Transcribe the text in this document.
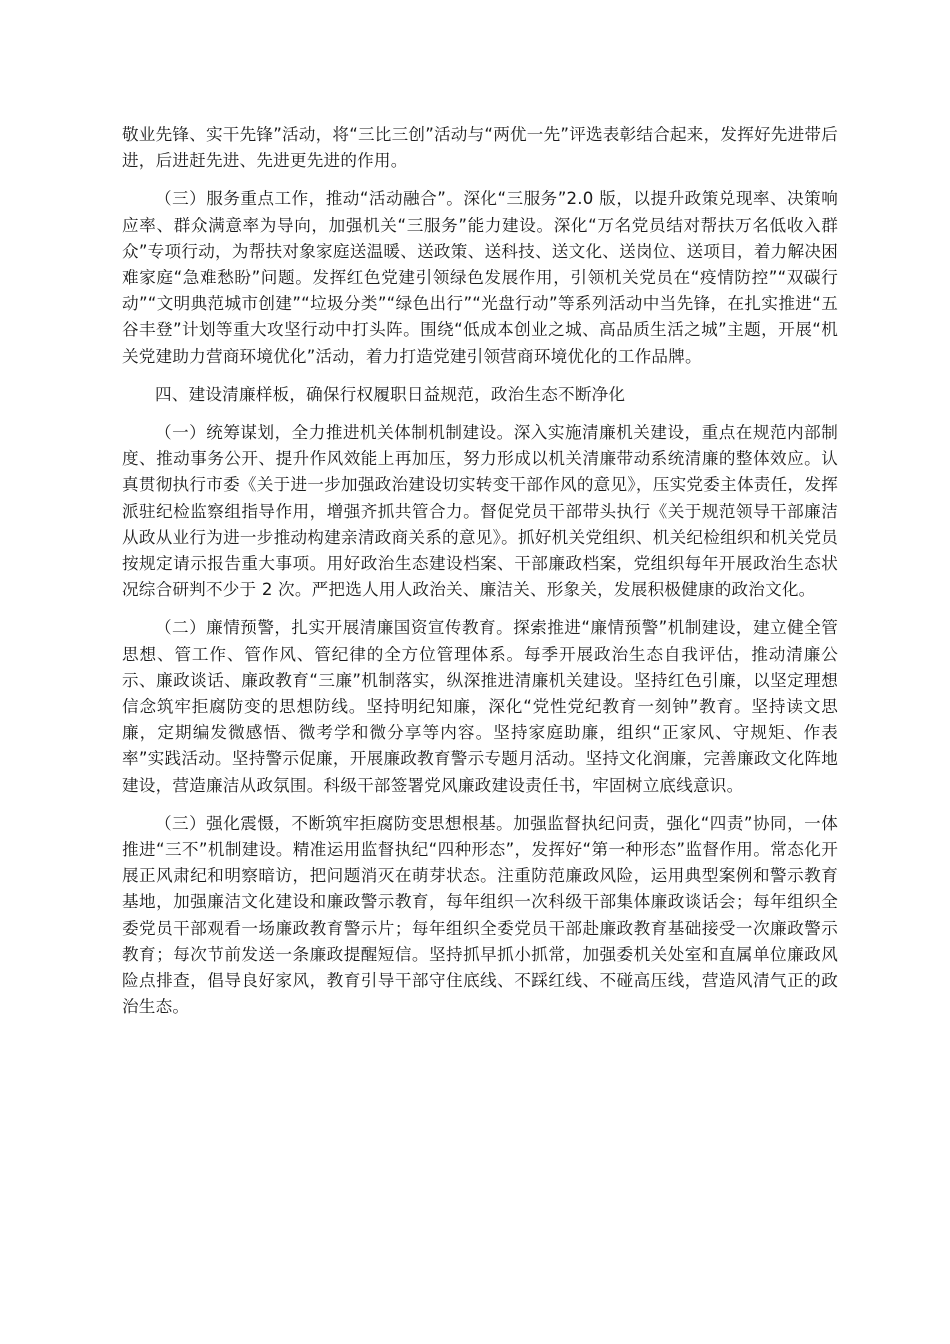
敬业先锋、实干先锋”活动，将“三比三创”活动与“两优一先”评选表彰结合起来，发挥好先进带后进，后进赶先进、先进更先进的作用。

（三）服务重点工作，推动“活动融合”。深化“三服务”2.0 版，以提升政策兑现率、决策响应率、群众满意率为导向，加强机关“三服务”能力建设。深化“万名党员结对帮扶万名低收入群众”专项行动，为帮扶对象家庭送温暖、送政策、送科技、送文化、送岗位、送项目，着力解决困难家庭“急难愁盼”问题。发挥红色党建引领绿色发展作用，引领机关党员在“疫情防控”“双碳行动”“文明典范城市创建”“垃圾分类”“绿色出行”“光盘行动”等系列活动中当先锋，在扎实推进“五谷丰登”计划等重大攻坚行动中打头阵。围绕“低成本创业之城、高品质生活之城”主题，开展“机关党建助力营商环境优化”活动，着力打造党建引领营商环境优化的工作品牌。

四、建设清廉样板，确保行权履职日益规范，政治生态不断净化

（一）统筹谋划，全力推进机关体制机制建设。深入实施清廉机关建设，重点在规范内部制度、推动事务公开、提升作风效能上再加压，努力形成以机关清廉带动系统清廉的整体效应。认真贯彻执行市委《关于进一步加强政治建设切实转变干部作风的意见》，压实党委主体责任，发挥派驻纪检监察组指导作用，增强齐抓共管合力。督促党员干部带头执行《关于规范领导干部廉洁从政从业行为进一步推动构建亲清政商关系的意见》。抓好机关党组织、机关纪检组织和机关党员按规定请示报告重大事项。用好政治生态建设档案、干部廉政档案，党组织每年开展政治生态状况综合研判不少于 2 次。严把选人用人政治关、廉洁关、形象关，发展积极健康的政治文化。

（二）廉情预警，扎实开展清廉国资宣传教育。探索推进“廉情预警”机制建设，建立健全管思想、管工作、管作风、管纪律的全方位管理体系。每季开展政治生态自我评估，推动清廉公示、廉政谈话、廉政教育“三廉”机制落实，纵深推进清廉机关建设。坚持红色引廉，以坚定理想信念筑牢拒腐防变的思想防线。坚持明纪知廉，深化“党性党纪教育一刻钟”教育。坚持读文思廉，定期编发微感悟、微考学和微分享等内容。坚持家庭助廉，组织“正家风、守规矩、作表率”实践活动。坚持警示促廉，开展廉政教育警示专题月活动。坚持文化润廉，完善廉政文化阵地建设，营造廉洁从政氛围。科级干部签署党风廉政建设责任书，牢固树立底线意识。

（三）强化震慑，不断筑牢拒腐防变思想根基。加强监督执纪问责，强化“四责”协同，一体推进“三不”机制建设。精准运用监督执纪“四种形态”，发挥好“第一种形态”监督作用。常态化开展正风肃纪和明察暗访，把问题消灭在萌芽状态。注重防范廉政风险，运用典型案例和警示教育基地，加强廉洁文化建设和廉政警示教育，每年组织一次科级干部集体廉政谈话会；每年组织全委党员干部观看一场廉政教育警示片；每年组织全委党员干部赴廉政教育基础接受一次廉政警示教育；每次节前发送一条廉政提醒短信。坚持抓早抓小抓常，加强委机关处室和直属单位廉政风险点排查，倡导良好家风，教育引导干部守住底线、不踩红线、不碰高压线，营造风清气正的政治生态。
